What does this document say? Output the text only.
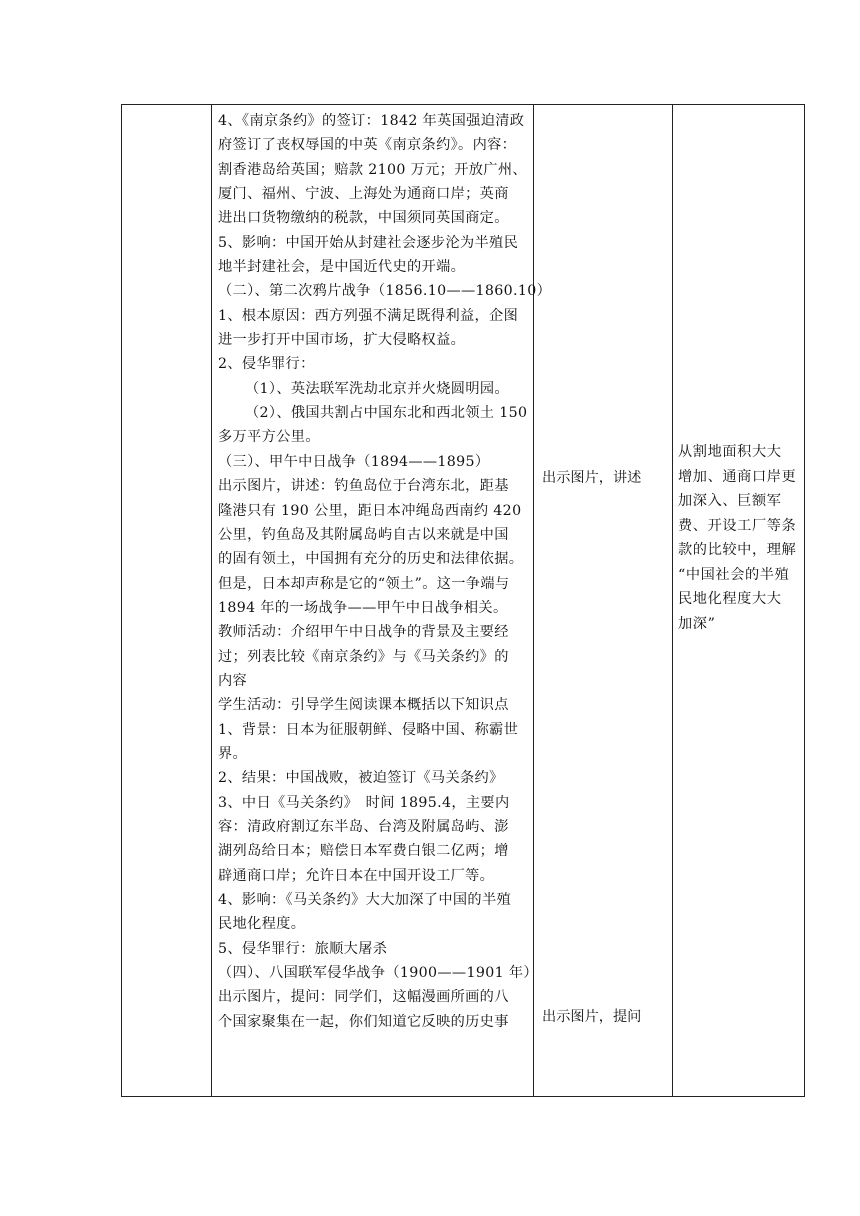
4、《南京条约》的签订：1842 年英国强迫清政
府签订了丧权辱国的中英《南京条约》。内容：
割香港岛给英国；赔款 2100 万元；开放广州、
厦门、福州、宁波、上海处为通商口岸；英商
进出口货物缴纳的税款，中国须同英国商定。
5、影响：中国开始从封建社会逐步沦为半殖民
地半封建社会，是中国近代史的开端。
（二）、第二次鸦片战争（1856.10——1860.10）
1、根本原因：西方列强不满足既得利益，企图
进一步打开中国市场，扩大侵略权益。
2、侵华罪行：
（1）、英法联军洗劫北京并火烧圆明园。
（2）、俄国共割占中国东北和西北领土 150
多万平方公里。
（三）、甲午中日战争（1894——1895）
出示图片，讲述：钓鱼岛位于台湾东北，距基
隆港只有 190 公里，距日本冲绳岛西南约 420
公里，钓鱼岛及其附属岛屿自古以来就是中国
的固有领土，中国拥有充分的历史和法律依据。
但是，日本却声称是它的“领土”。这一争端与
1894 年的一场战争——甲午中日战争相关。
教师活动：介绍甲午中日战争的背景及主要经
过；列表比较《南京条约》与《马关条约》的
内容
学生活动：引导学生阅读课本概括以下知识点
1、背景：日本为征服朝鲜、侵略中国、称霸世
界。
2、结果：中国战败，被迫签订《马关条约》
3、中日《马关条约》　时间 1895.4，主要内
容：清政府割辽东半岛、台湾及附属岛屿、澎
湖列岛给日本；赔偿日本军费白银二亿两；增
辟通商口岸；允许日本在中国开设工厂等。
4、影响：《马关条约》大大加深了中国的半殖
民地化程度。
5、侵华罪行：旅顺大屠杀
（四）、八国联军侵华战争（1900——1901 年）
出示图片，提问：同学们，这幅漫画所画的八
个国家聚集在一起，你们知道它反映的历史事
出示图片，讲述
出示图片，提问
从割地面积大大
增加、通商口岸更
加深入、巨额军
费、开设工厂等条
款的比较中，理解
“中国社会的半殖
民地化程度大大
加深”
